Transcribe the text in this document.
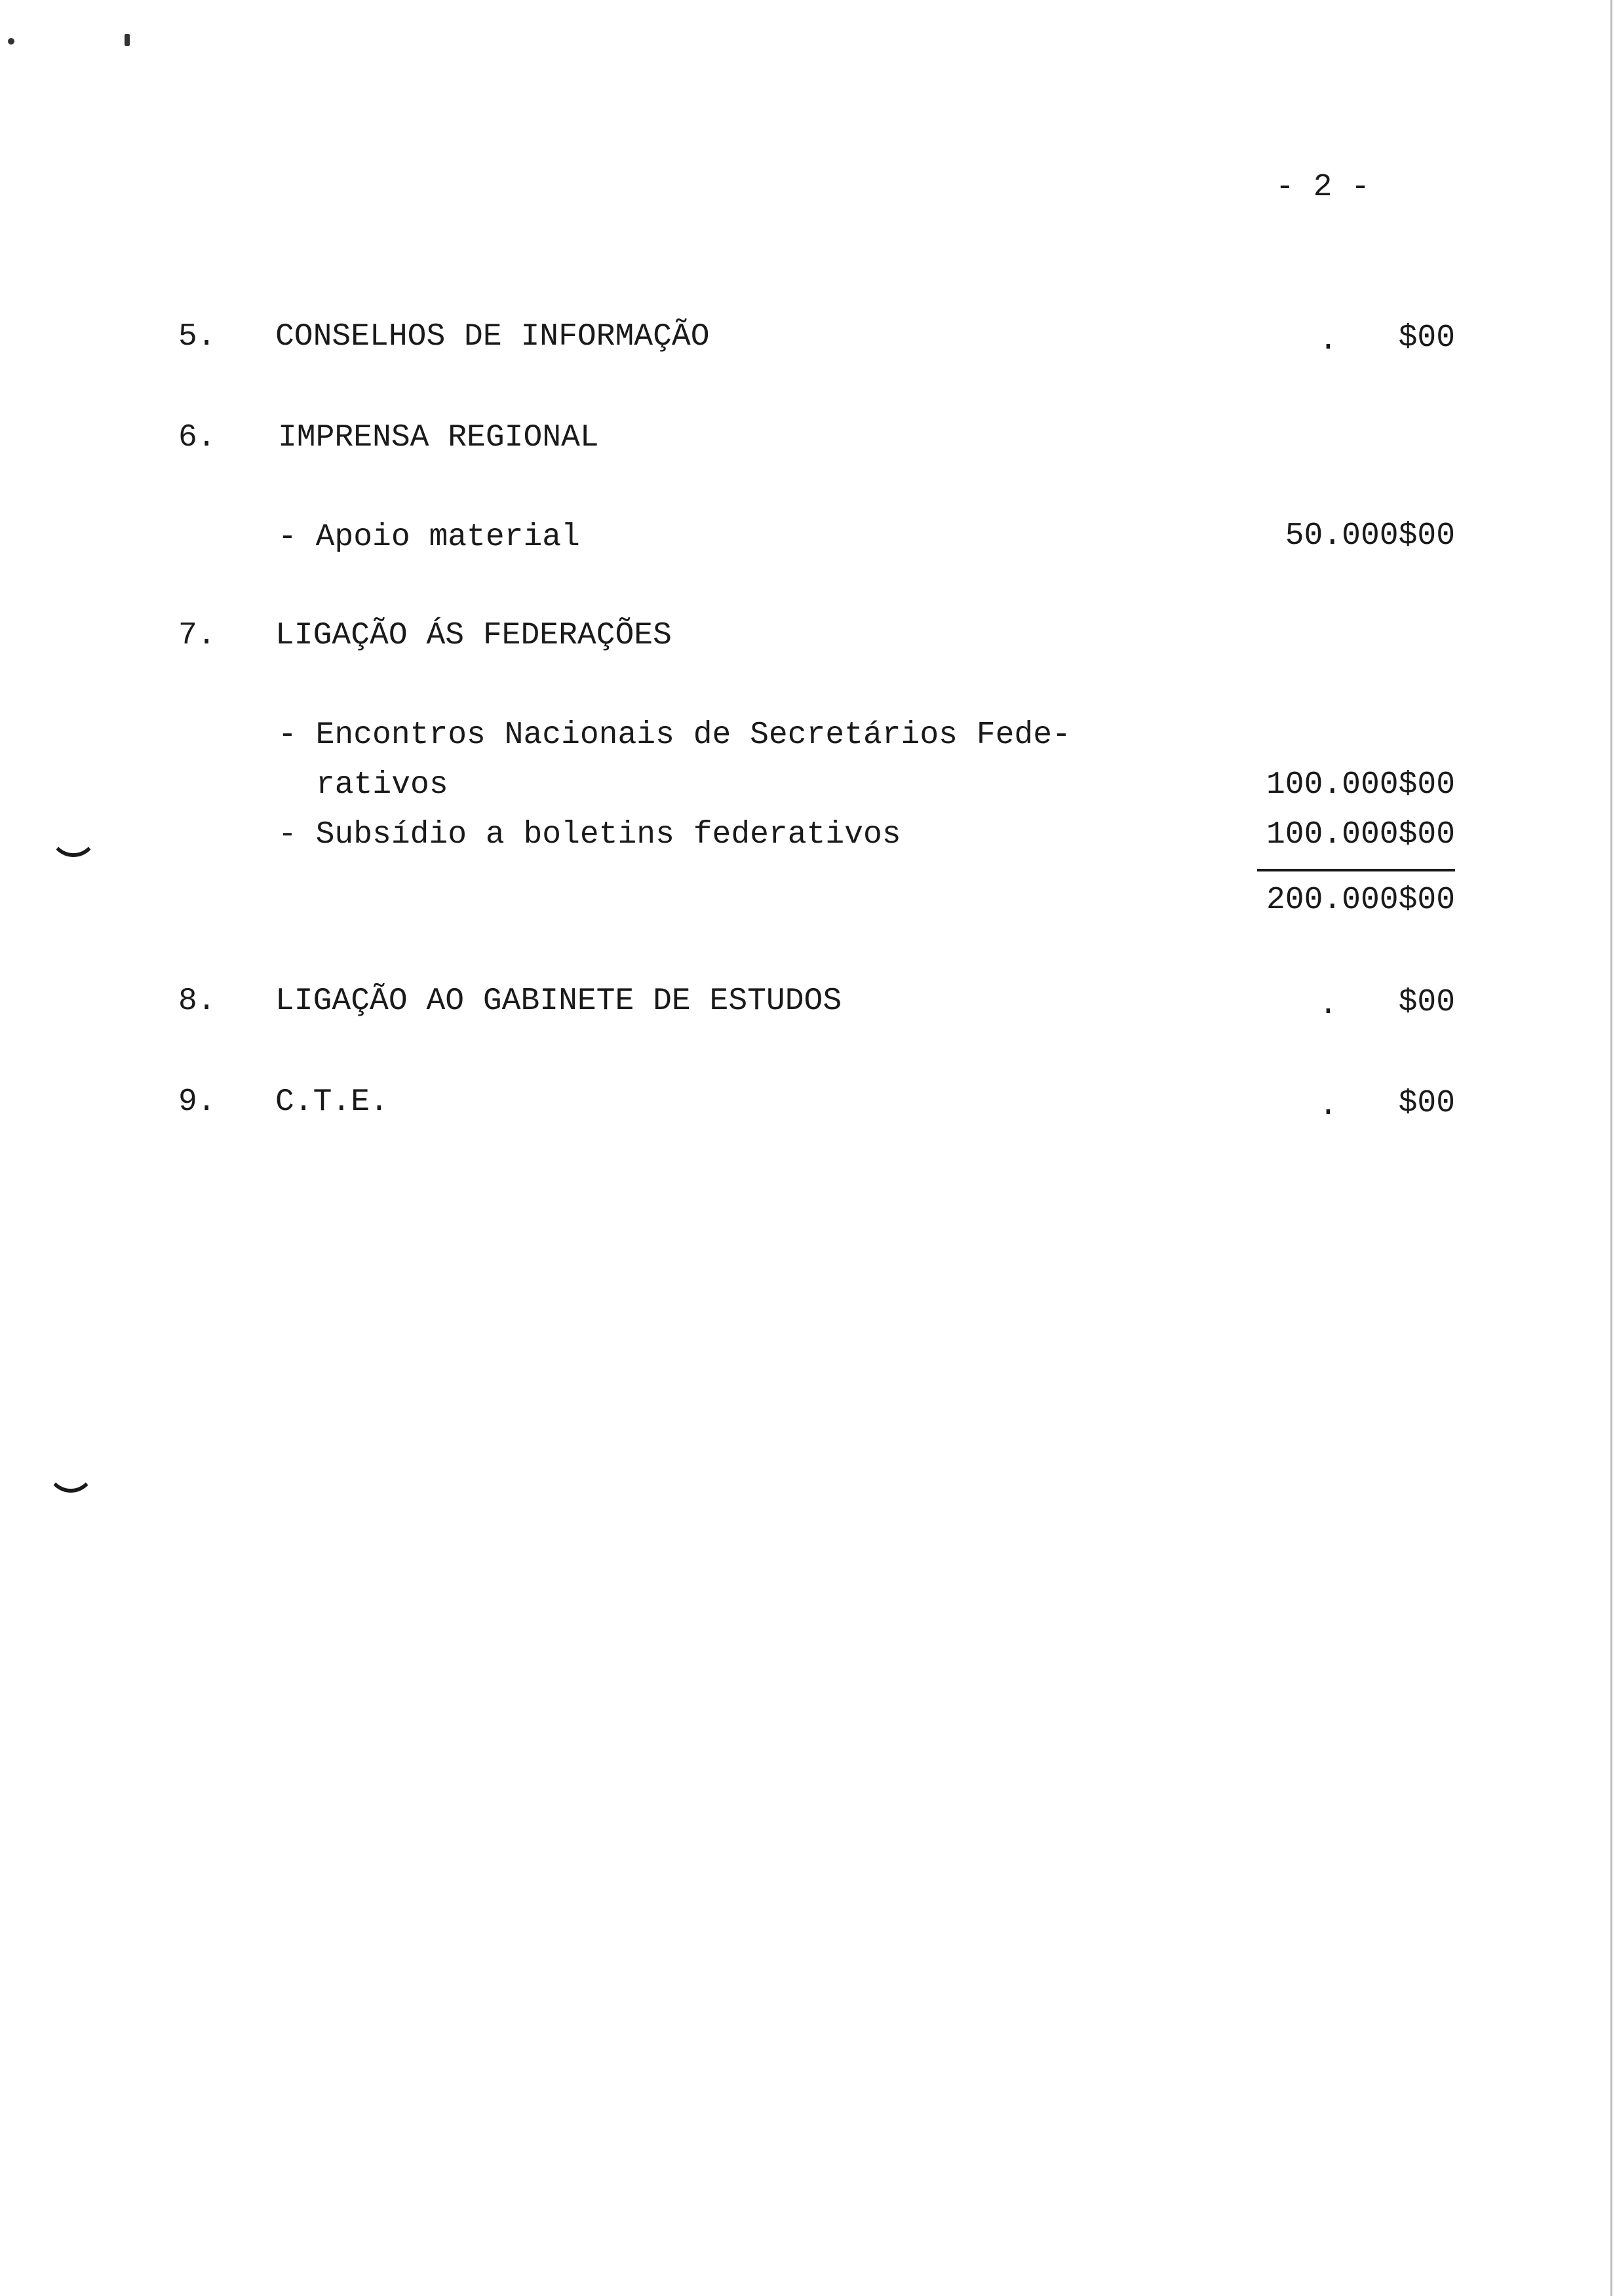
- 2 -
5. CONSELHOS DE INFORMAÇÃO	.	$00
6. IMPRENSA REGIONAL
- Apoio material	50.000$00
7. LIGAÇÃO ÁS FEDERAÇÕES
- Encontros Nacionais de Secretários Fede-
rativos	100.000$00
- Subsídio a boletins federativos	100.000$00
200.000$00
8. LIGAÇÃO AO GABINETE DE ESTUDOS	.	$00
9. C.T.E.	.	$00
